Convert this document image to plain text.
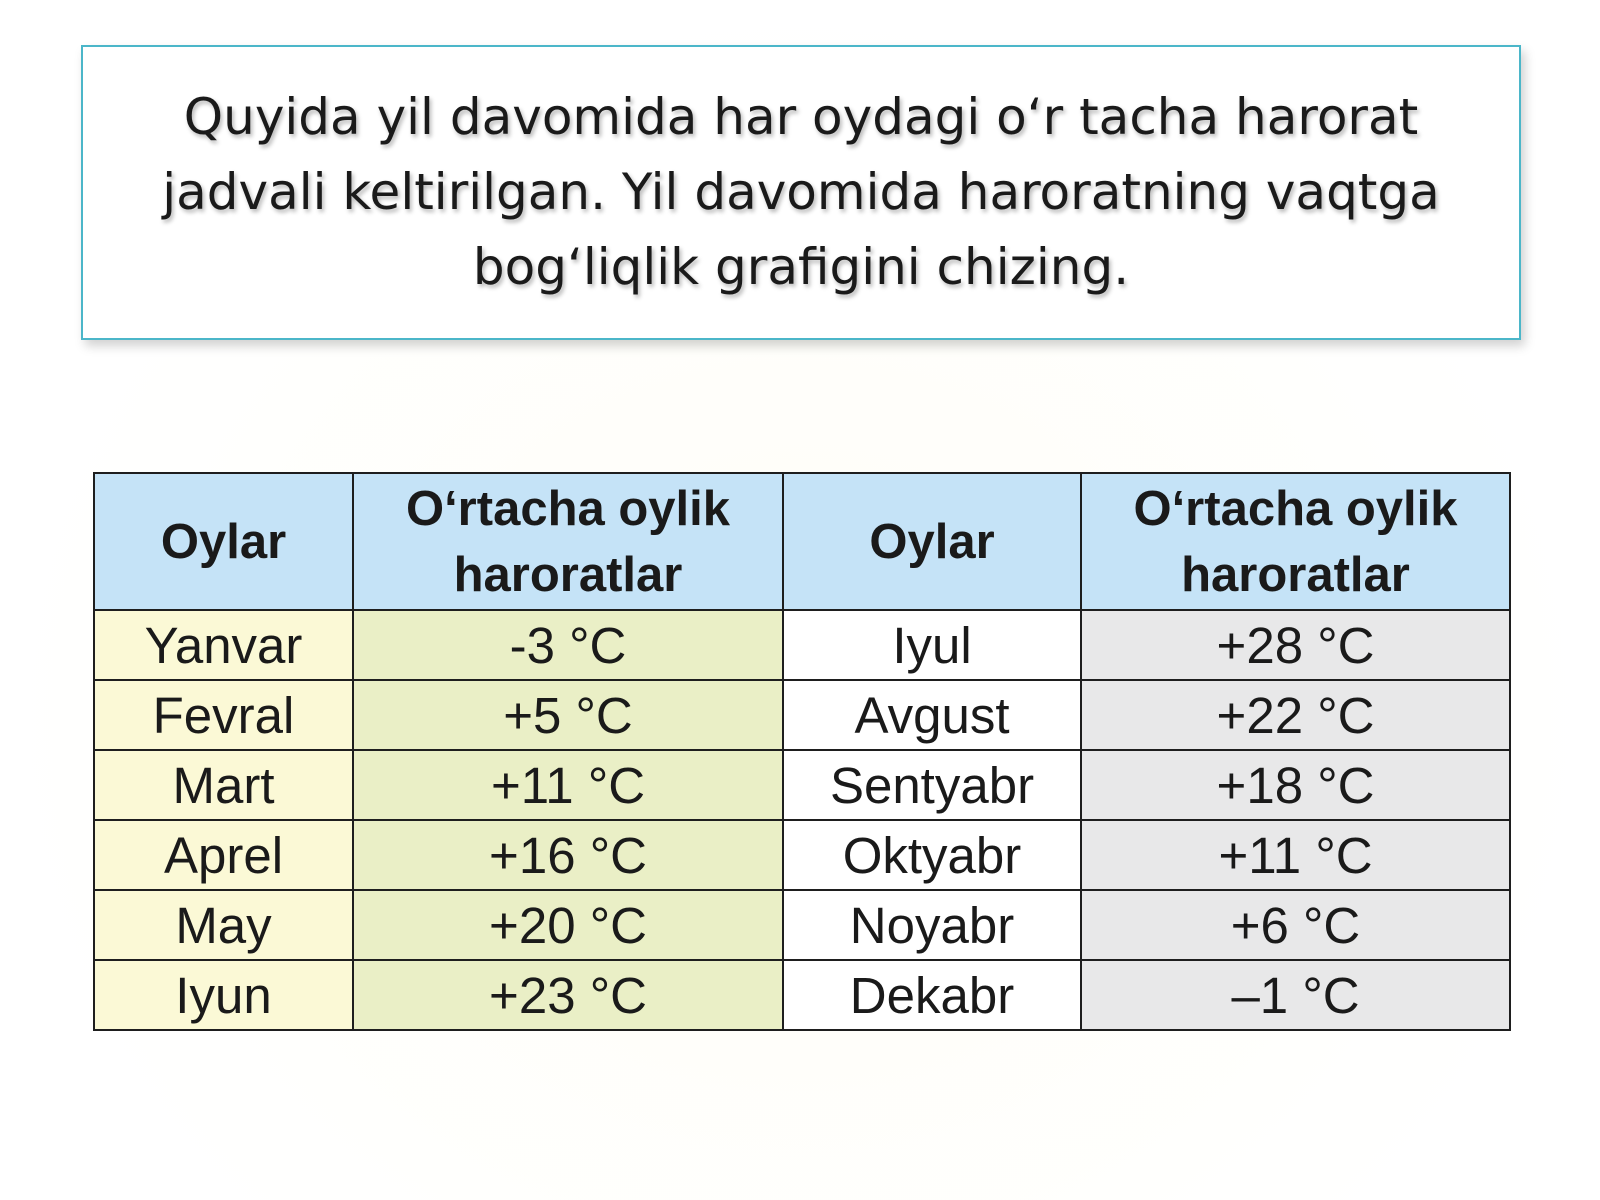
Quyida yil davomida har oydagi o‘r tacha harorat
jadvali keltirilgan. Yil davomida haroratning vaqtga
bog‘liqlik grafigini chizing.
Oylar	O‘rtacha oylik haroratlar	Oylar	O‘rtacha oylik haroratlar
Yanvar	-3 °C	Iyul	+28 °C
Fevral	+5 °C	Avgust	+22 °C
Mart	+11 °C	Sentyabr	+18 °C
Aprel	+16 °C	Oktyabr	+11 °C
May	+20 °C	Noyabr	+6 °C
Iyun	+23 °C	Dekabr	–1 °C
